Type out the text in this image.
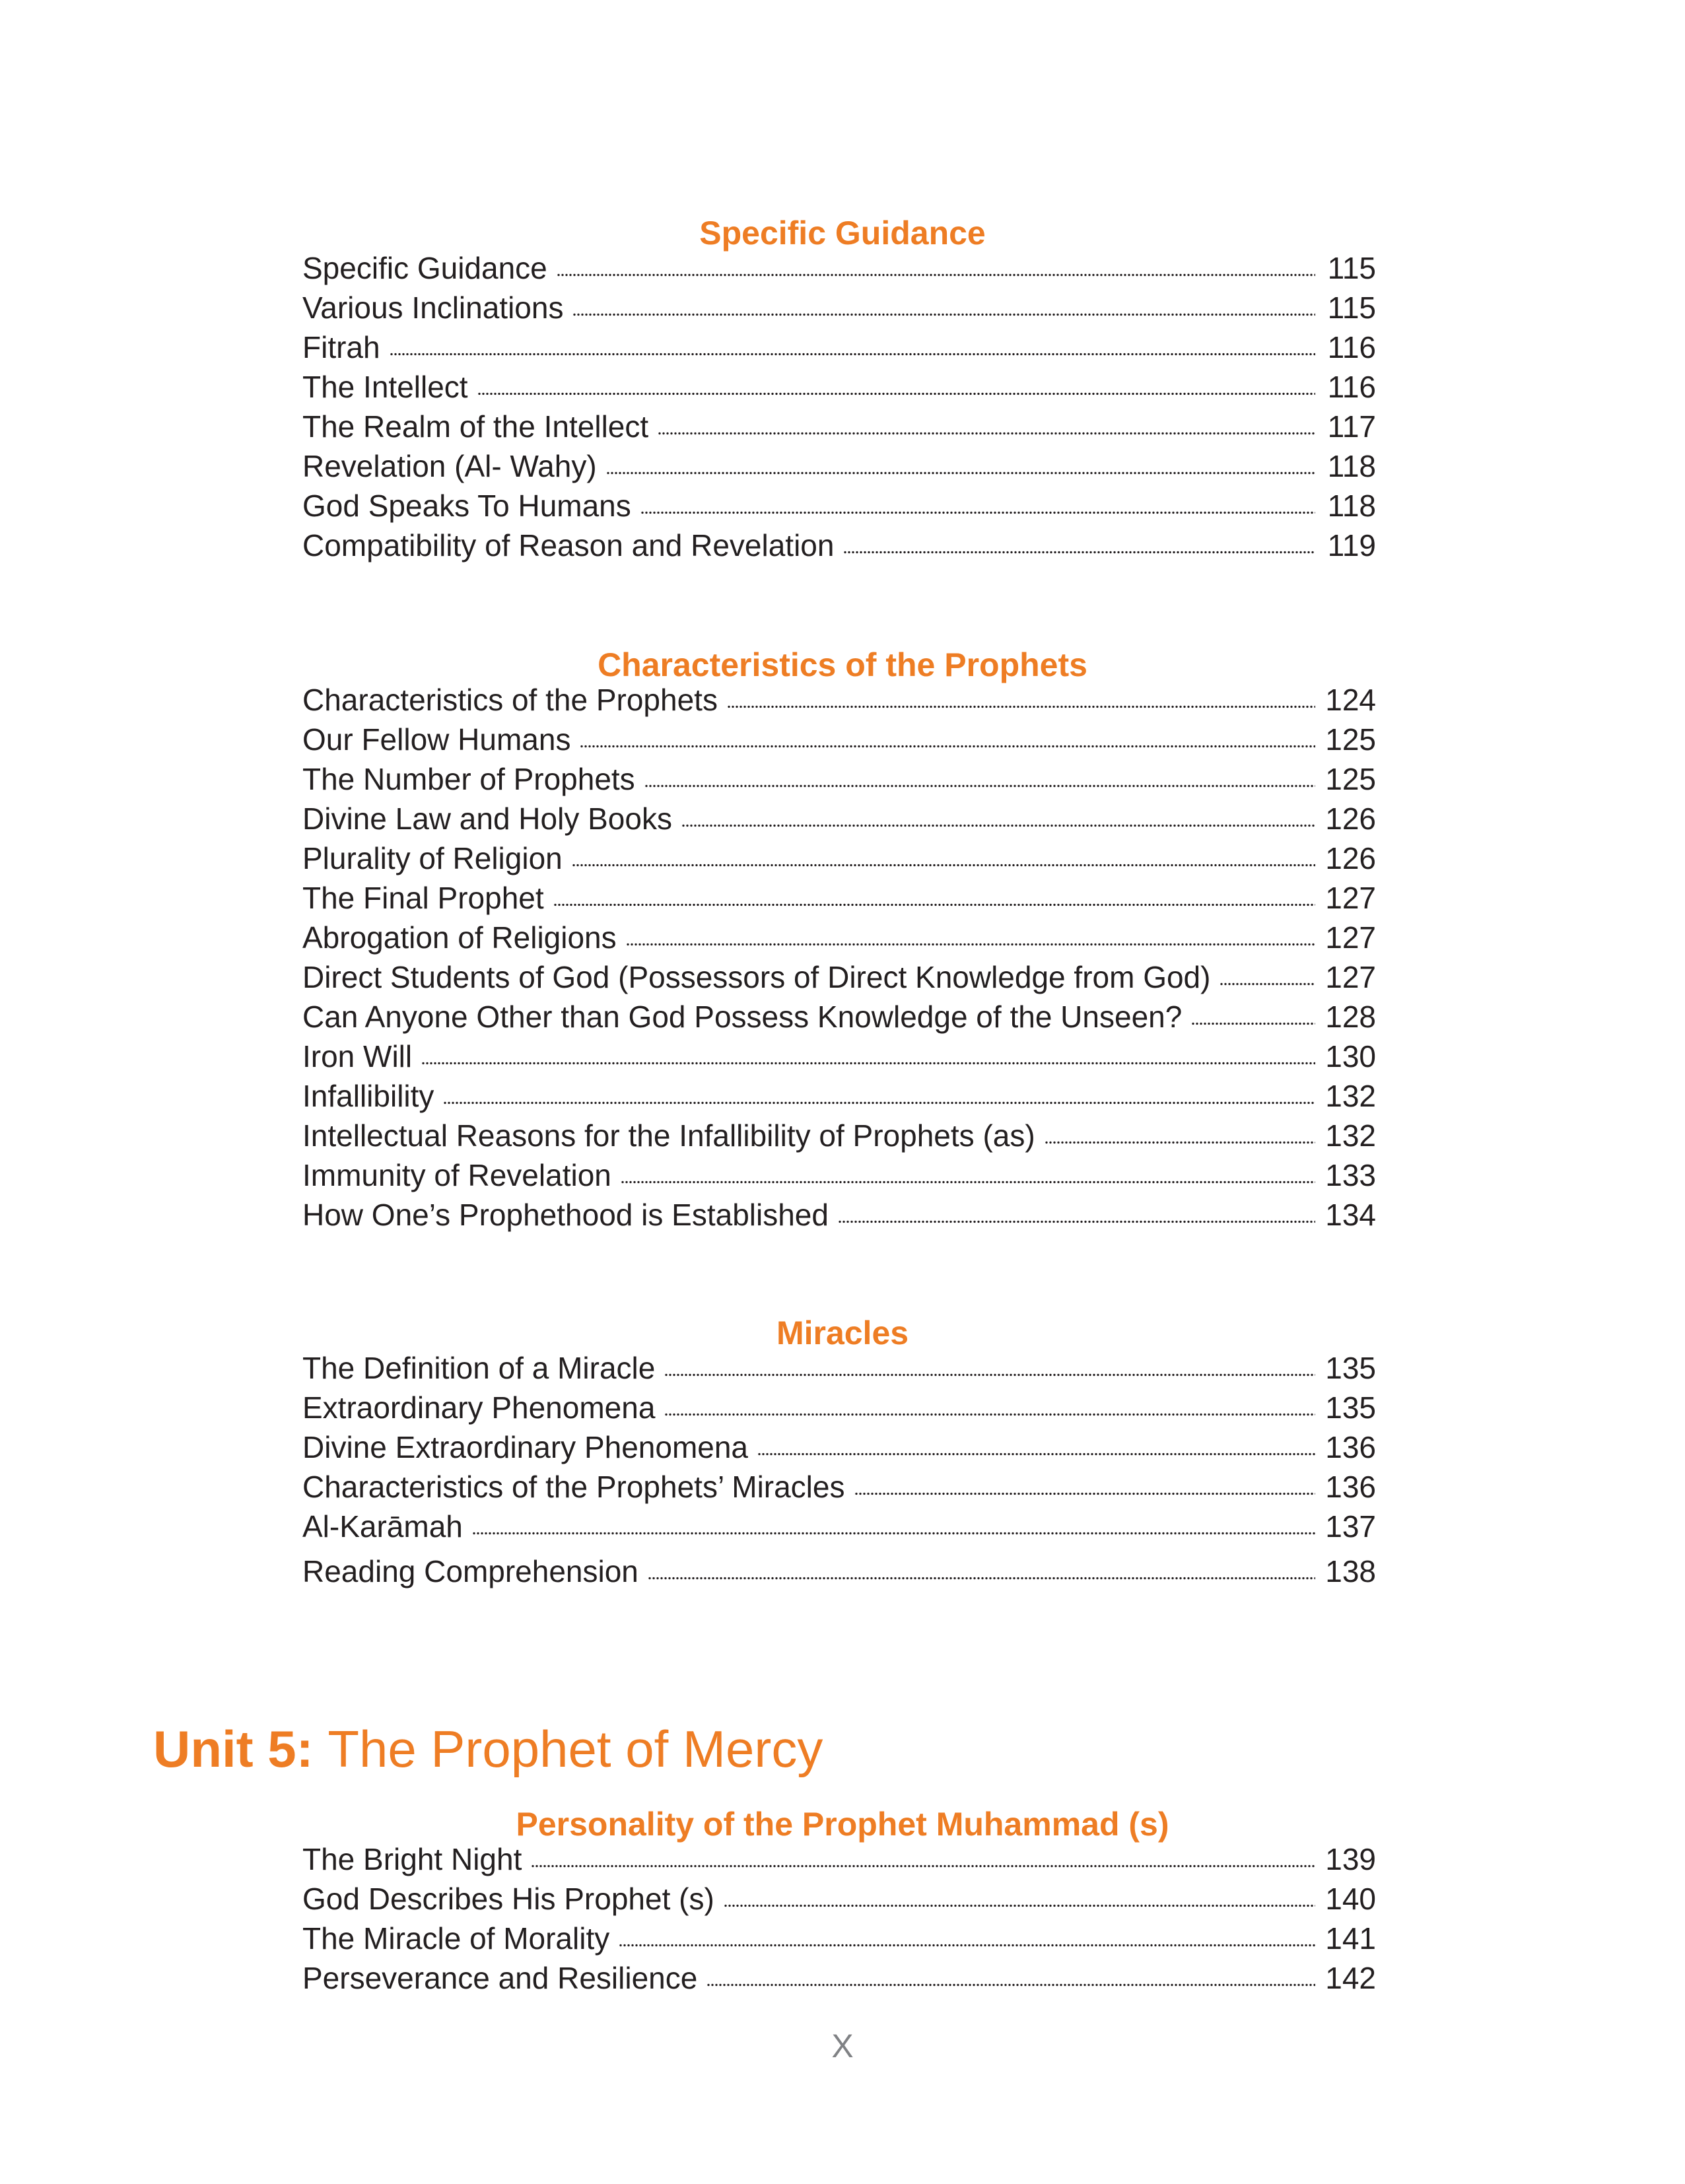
Specific Guidance
Specific Guidance	115
Various Inclinations	115
Fitrah	116
The Intellect	116
The Realm of the Intellect	117
Revelation (Al- Wahy)	118
God Speaks To Humans	118
Compatibility of Reason and Revelation	119
Characteristics of the Prophets
Characteristics of the Prophets	124
Our Fellow Humans	125
The Number of Prophets	125
Divine Law and Holy Books	126
Plurality of Religion	126
The Final Prophet	127
Abrogation of Religions	127
Direct Students of God (Possessors of Direct Knowledge from God)	127
Can Anyone Other than God Possess Knowledge of the Unseen?	128
Iron Will	130
Infallibility	132
Intellectual Reasons for the Infallibility of Prophets (as)	132
Immunity of Revelation	133
How One’s Prophethood is Established	134
Miracles
The Definition of a Miracle	135
Extraordinary Phenomena	135
Divine Extraordinary Phenomena	136
Characteristics of the Prophets’ Miracles	136
Al-Karāmah	137
Reading Comprehension	138
Unit 5: The Prophet of Mercy
Personality of the Prophet Muhammad (s)
The Bright Night	139
God Describes His Prophet (s)	140
The Miracle of Morality	141
Perseverance and Resilience	142
X
